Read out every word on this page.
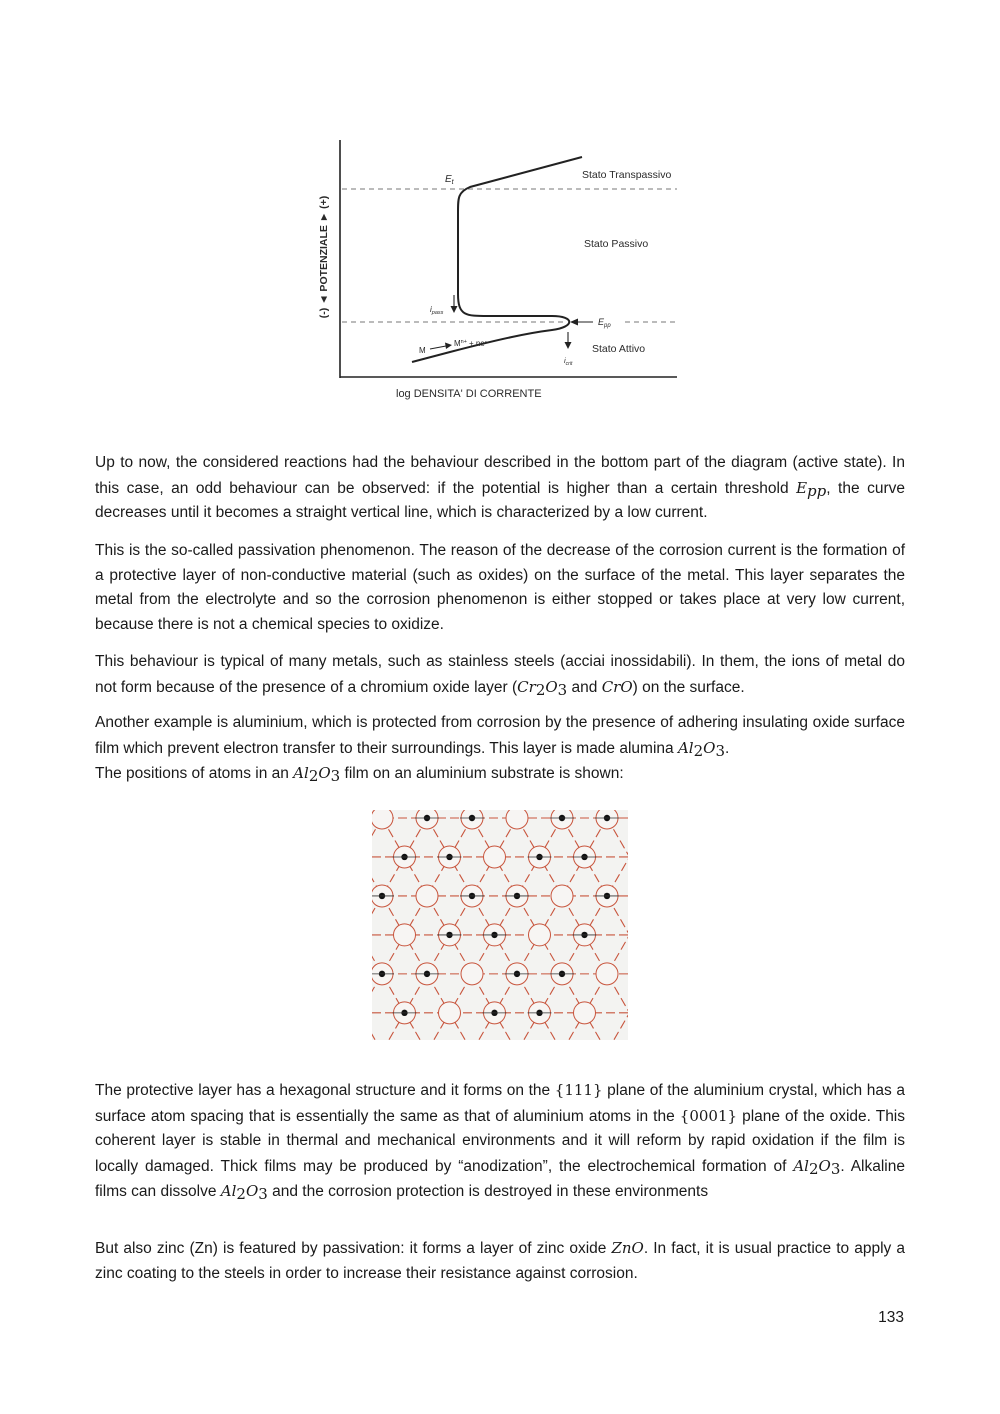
$E_t$
Stato Transpassivo
Stato Passivo
Stato Attivo
$i_{pass}$
$E_{pp}$
$i_{crit}$
M
$M^{n+} + ne^-$
(-) ◄ POTENZIALE ► (+)
log DENSITA' DI CORRENTE

Up to now, the considered reactions had the behaviour described in the bottom part of the diagram (active state). In this case, an odd behaviour can be observed: if the potential is higher than a certain threshold $E_{pp}$, the curve decreases until it becomes a straight vertical line, which is characterized by a low current.

This is the so-called passivation phenomenon. The reason of the decrease of the corrosion current is the formation of a protective layer of non-conductive material (such as oxides) on the surface of the metal. This layer separates the metal from the electrolyte and so the corrosion phenomenon is either stopped or takes place at very low current, because there is not a chemical species to oxidize.

This behaviour is typical of many metals, such as stainless steels (acciai inossidabili). In them, the ions of metal do not form because of the presence of a chromium oxide layer ($Cr_2O_3$ and CrO) on the surface.

Another example is aluminium, which is protected from corrosion by the presence of adhering insulating oxide surface film which prevent electron transfer to their surroundings. This layer is made alumina $Al_2O_3$.
The positions of atoms in an $Al_2O_3$ film on an aluminium substrate is shown:

The protective layer has a hexagonal structure and it forms on the {111} plane of the aluminium crystal, which has a surface atom spacing that is essentially the same as that of aluminium atoms in the {0001} plane of the oxide. This coherent layer is stable in thermal and mechanical environments and it will reform by rapid oxidation if the film is locally damaged. Thick films may be produced by “anodization”, the electrochemical formation of $Al_2O_3$. Alkaline films can dissolve $Al_2O_3$ and the corrosion protection is destroyed in these environments

But also zinc (Zn) is featured by passivation: it forms a layer of zinc oxide ZnO. In fact, it is usual practice to apply a zinc coating to the steels in order to increase their resistance against corrosion.

133
